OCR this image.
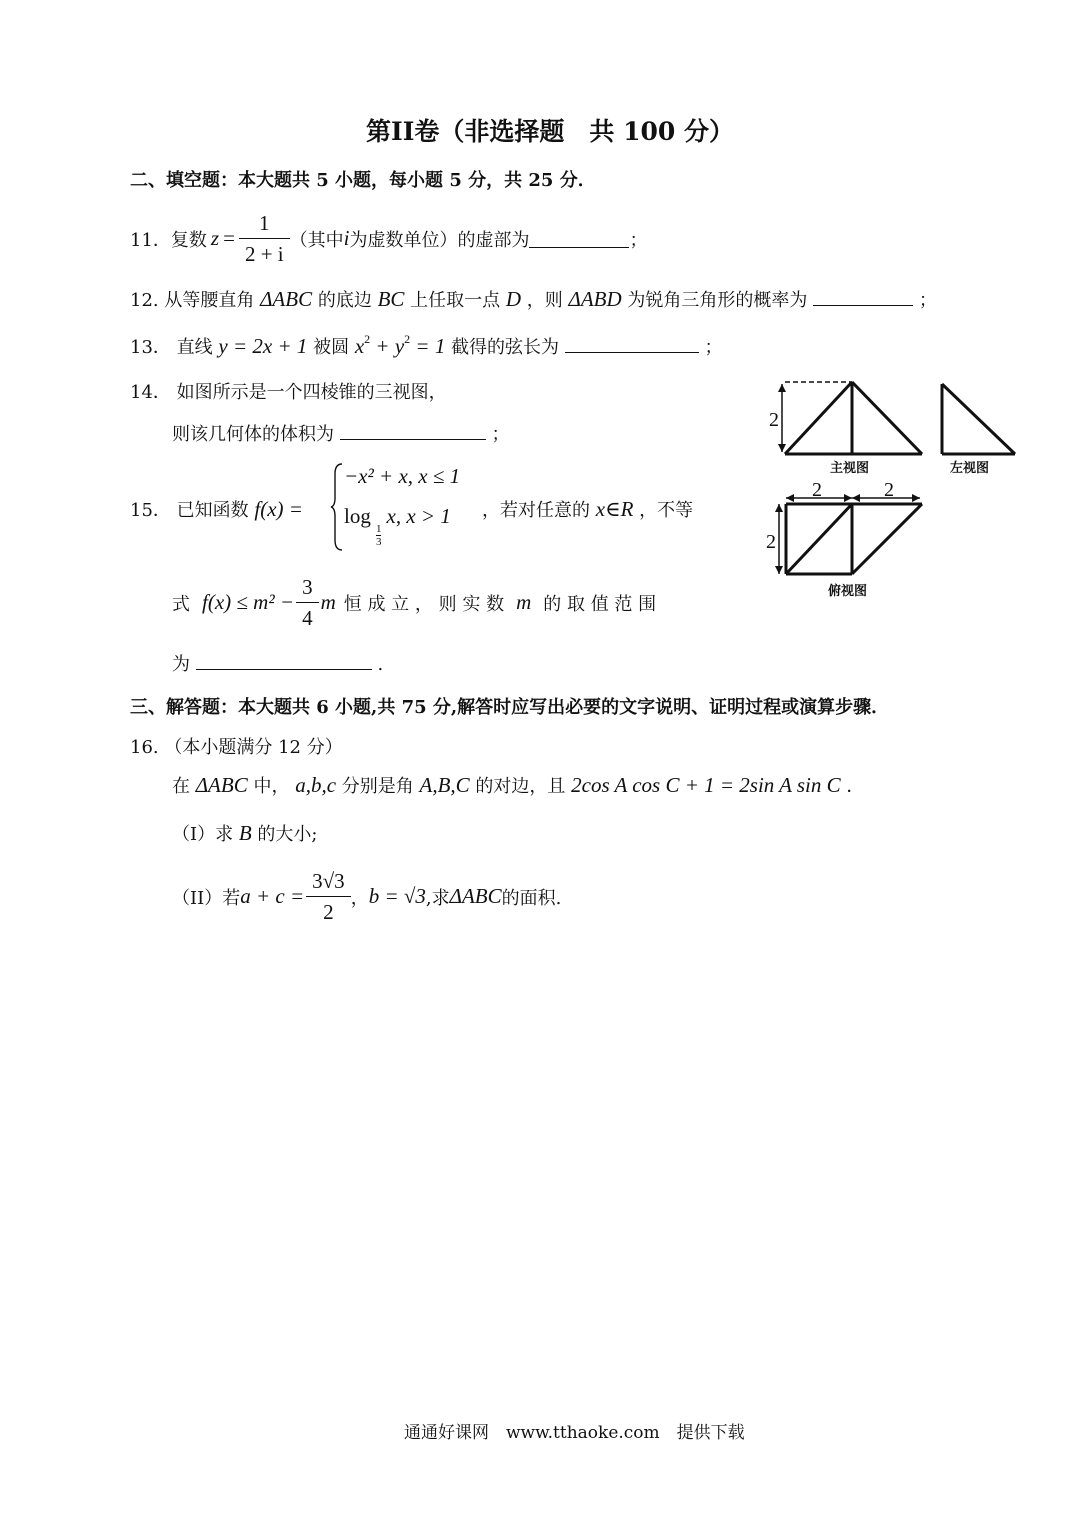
第II卷（非选择题　共 100 分）
二、填空题：本大题共 5 小题，每小题 5 分，共 25 分．
11． 复数 $z = \frac{1}{2 + i}$ （其中 i 为虚数单位）的虚部为	；
12. 从等腰直角 ΔABC 的底边 BC 上任取一点 D ，则 ΔABD 为锐角三角形的概率为	；
13． 直线 y = 2x + 1 被圆 $x^2 + y^2 = 1$ 截得的弦长为	；
14． 如图所示是一个四棱锥的三视图，
则该几何体的体积为	；
15． 已知函数 f(x) =
−x² + x, x ≤ 1
log
$\frac{1}{3}$
x, x > 1 ，若对任意的 x∈R ，不等
式 $f(x) \le m^2 - \frac{3}{4}$ m 恒 成 立 ， 则 实 数 m 的 取 值 范 围
为	.
2
主视图	左视图
2	2
2
俯视图
三、解答题：本大题共 6 小题,共 75 分,解答时应写出必要的文字说明、证明过程或演算步骤．
16. （本小题满分 12 分）
在 ΔABC 中， a,b,c 分别是角 A,B,C 的对边，且 2cos A cos C + 1 = 2sin A sin C ．
（Ⅰ）求 B 的大小;
（II）若 $a + c = \frac{3√3}{2}$ ， b = √3 ,求 ΔABC 的面积.
通通好课网　www.tthaoke.com　提供下载
